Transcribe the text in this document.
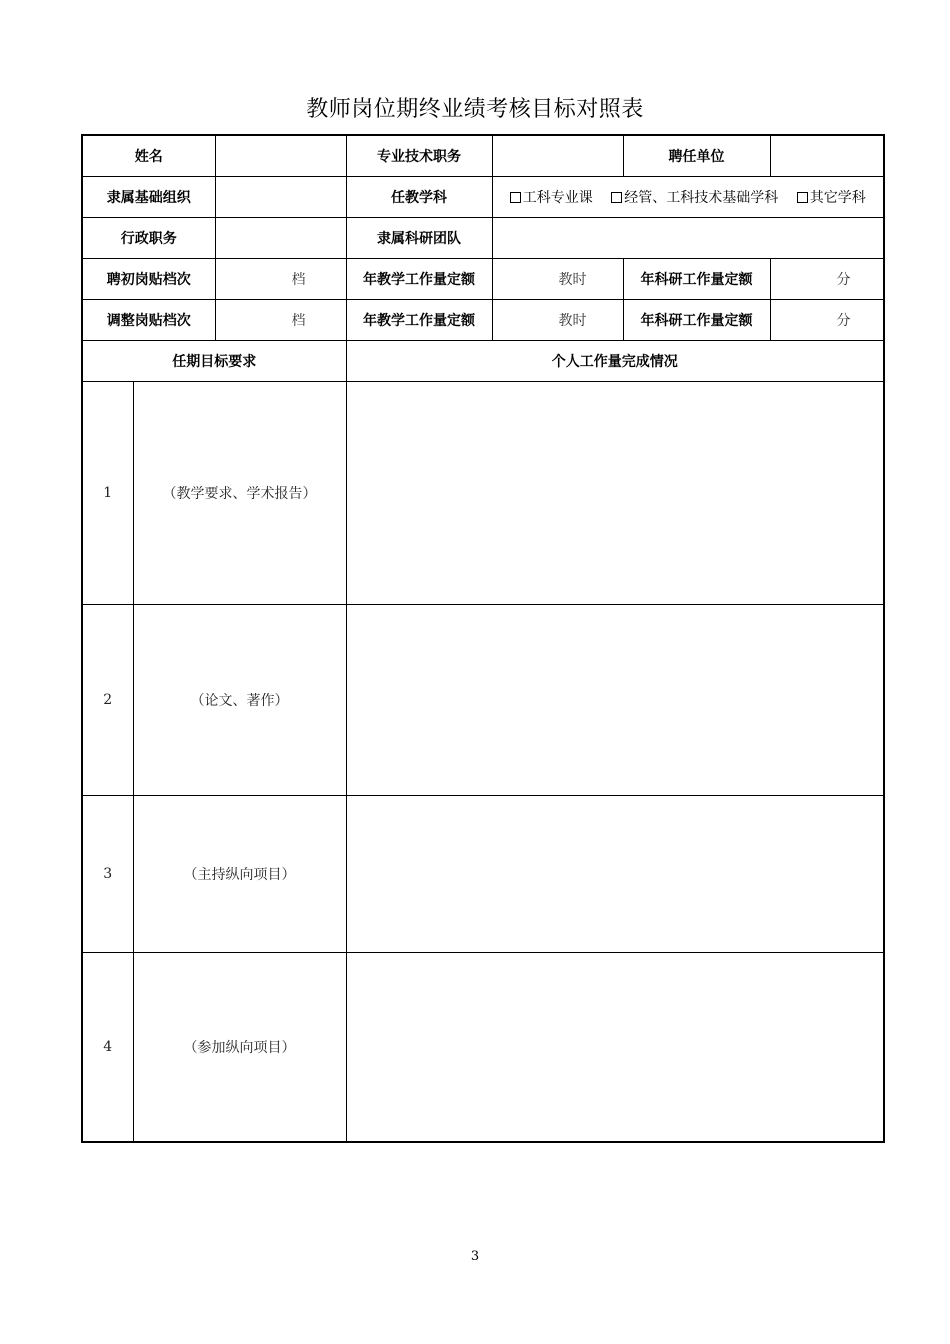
教师岗位期终业绩考核目标对照表
姓名			专业技术职务		聘任单位	
隶属基础组织			任教学科	工科专业课 经管、工科技术基础学科 其它学科		
行政职务			隶属科研团队			
聘初岗贴档次		档	年教学工作量定额	教时	年科研工作量定额	分
调整岗贴档次		档	年教学工作量定额	教时	年科研工作量定额	分
任期目标要求			个人工作量完成情况			
1	（教学要求、学术报告）					
2	（论文、著作）					
3	（主持纵向项目）					
4	（参加纵向项目）					
3
